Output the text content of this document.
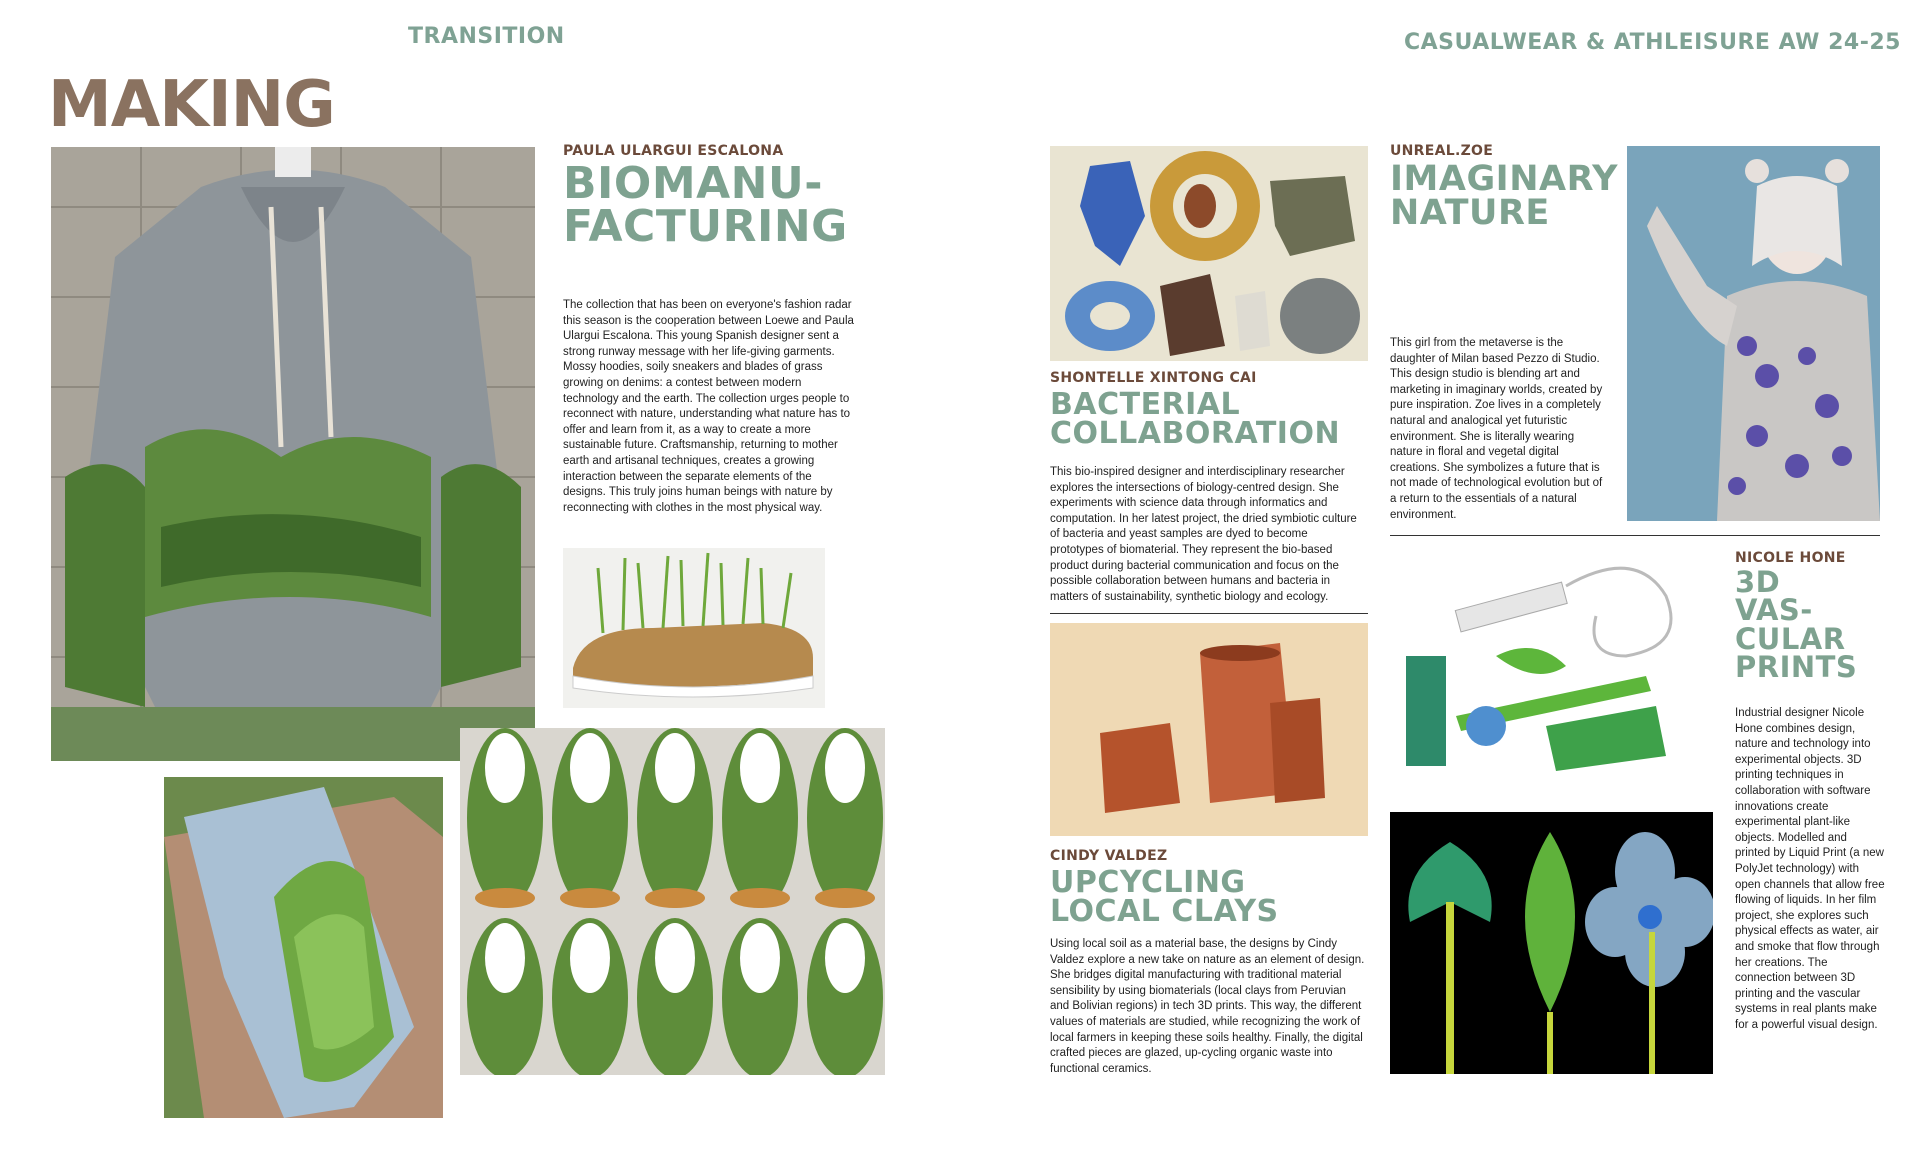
TRANSITION	CASUALWEAR & ATHLEISURE AW 24-25
MAKING
PAULA ULARGUI ESCALONA
BIOMANU-
FACTURING
The collection that has been on everyone's fashion radar this season is the cooperation between Loewe and Paula Ulargui Escalona. This young Spanish designer sent a strong runway message with her life-giving garments. Mossy hoodies, soily sneakers and blades of grass growing on denims: a contest between modern technology and the earth. The collection urges people to reconnect with nature, understanding what nature has to offer and learn from it, as a way to create a more sustainable future. Craftsmanship, returning to mother earth and artisanal techniques, creates a growing interaction between the separate elements of the designs. This truly joins human beings with nature by reconnecting with clothes in the most physical way.
SHONTELLE XINTONG CAI
BACTERIAL
COLLABORATION
This bio-inspired designer and interdisciplinary researcher explores the intersections of biology-centred design. She experiments with science data through informatics and computation. In her latest project, the dried symbiotic culture of bacteria and yeast samples are dyed to become prototypes of biomaterial. They represent the bio-based product during bacterial communication and focus on the possible collaboration between humans and bacteria in matters of sustainability, synthetic biology and ecology.
CINDY VALDEZ
UPCYCLING
LOCAL CLAYS
Using local soil as a material base, the designs by Cindy Valdez explore a new take on nature as an element of design. She bridges digital manufacturing with traditional material sensibility by using biomaterials (local clays from Peruvian and Bolivian regions) in tech 3D prints. This way, the different values of materials are studied, while recognizing the work of local farmers in keeping these soils healthy. Finally, the digital crafted pieces are glazed, up-cycling organic waste into functional ceramics.
UNREAL.ZOE
IMAGINARY
NATURE
This girl from the metaverse is the daughter of Milan based Pezzo di Studio. This design studio is blending art and marketing in imaginary worlds, created by pure inspiration. Zoe lives in a completely natural and analogical yet futuristic environment. She is literally wearing nature in floral and vegetal digital creations. She symbolizes a future that is not made of technological evolution but of a return to the essentials of a natural environment.
NICOLE HONE
3D
VAS-
CULAR
PRINTS
Industrial designer Nicole Hone combines design, nature and technology into experimental objects. 3D printing techniques in collaboration with software innovations create experimental plant-like objects. Modelled and printed by Liquid Print (a new PolyJet technology) with open channels that allow free flowing of liquids. In her film project, she explores such physical effects as water, air and smoke that flow through her creations. The connection between 3D printing and the vascular systems in real plants make for a powerful visual design.
